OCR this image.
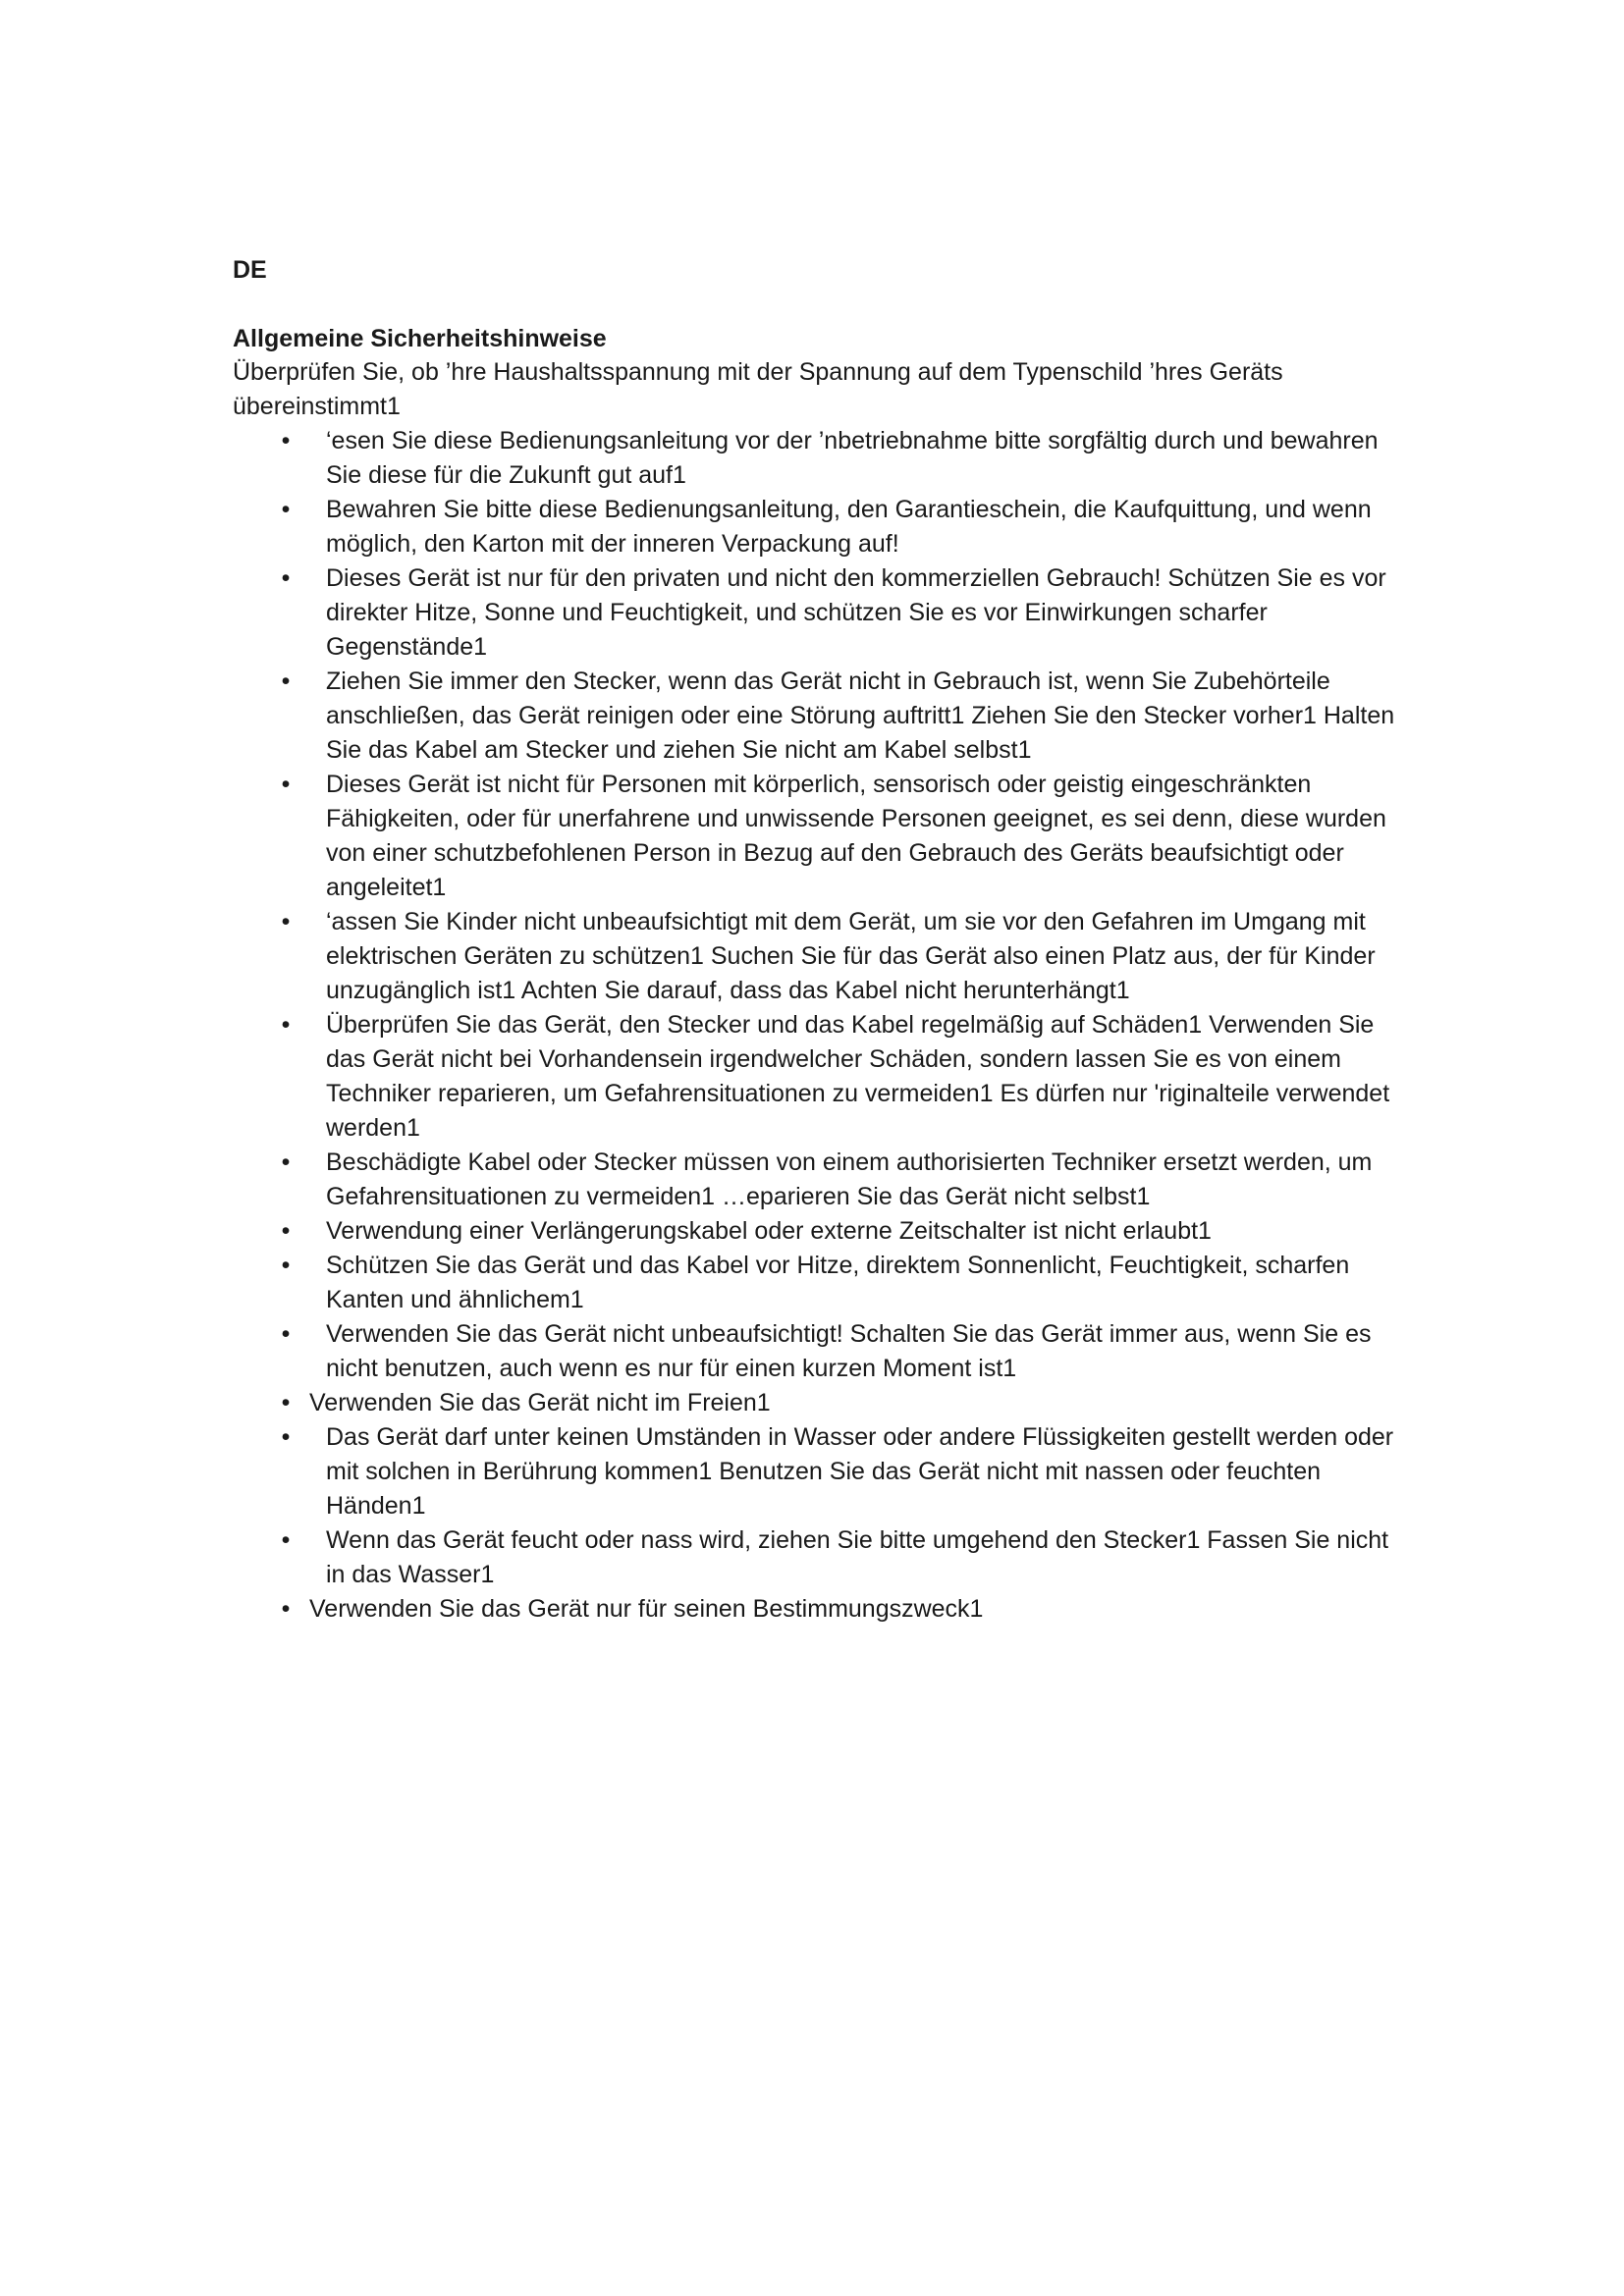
DE
Allgemeine Sicherheitshinweise
Überprüfen Sie, ob ’hre Haushaltsspannung mit der Spannung auf dem Typenschild ’hres Geräts übereinstimmt1
• ‘esen Sie diese Bedienungsanleitung vor der ’nbetriebnahme bitte sorgfältig durch und bewahren Sie diese für die Zukunft gut auf1
• Bewahren Sie bitte diese Bedienungsanleitung, den Garantieschein, die Kaufquittung, und wenn möglich, den Karton mit der inneren Verpackung auf!
• Dieses Gerät ist nur für den privaten und nicht den kommerziellen Gebrauch! Schützen Sie es vor direkter Hitze, Sonne und Feuchtigkeit, und schützen Sie es vor Einwirkungen scharfer Gegenstände1
• Ziehen Sie immer den Stecker, wenn das Gerät nicht in Gebrauch ist, wenn Sie Zubehörteile anschließen, das Gerät reinigen oder eine Störung auftritt1 Ziehen Sie den Stecker vorher1 Halten Sie das Kabel am Stecker und ziehen Sie nicht am Kabel selbst1
• Dieses Gerät ist nicht für Personen mit körperlich, sensorisch oder geistig eingeschränkten Fähigkeiten, oder für unerfahrene und unwissende Personen geeignet, es sei denn, diese wurden von einer schutzbefohlenen Person in Bezug auf den Gebrauch des Geräts beaufsichtigt oder angeleitet1
• ‘assen Sie Kinder nicht unbeaufsichtigt mit dem Gerät, um sie vor den Gefahren im Umgang mit elektrischen Geräten zu schützen1 Suchen Sie für das Gerät also einen Platz aus, der für Kinder unzugänglich ist1 Achten Sie darauf, dass das Kabel nicht herunterhängt1
• Überprüfen Sie das Gerät, den Stecker und das Kabel regelmäßig auf Schäden1 Verwenden Sie das Gerät nicht bei Vorhandensein irgendwelcher Schäden, sondern lassen Sie es von einem Techniker reparieren, um Gefahrensituationen zu vermeiden1 Es dürfen nur 'riginalteile verwendet werden1
• Beschädigte Kabel oder Stecker müssen von einem authorisierten Techniker ersetzt werden, um Gefahrensituationen zu vermeiden1 …eparieren Sie das Gerät nicht selbst1
• Verwendung einer Verlängerungskabel oder externe Zeitschalter ist nicht erlaubt1
• Schützen Sie das Gerät und das Kabel vor Hitze, direktem Sonnenlicht, Feuchtigkeit, scharfen Kanten und ähnlichem1
• Verwenden Sie das Gerät nicht unbeaufsichtigt! Schalten Sie das Gerät immer aus, wenn Sie es nicht benutzen, auch wenn es nur für einen kurzen Moment ist1
• Verwenden Sie das Gerät nicht im Freien1
• Das Gerät darf unter keinen Umständen in Wasser oder andere Flüssigkeiten gestellt werden oder mit solchen in Berührung kommen1 Benutzen Sie das Gerät nicht mit nassen oder feuchten Händen1
• Wenn das Gerät feucht oder nass wird, ziehen Sie bitte umgehend den Stecker1 Fassen Sie nicht in das Wasser1
• Verwenden Sie das Gerät nur für seinen Bestimmungszweck1
